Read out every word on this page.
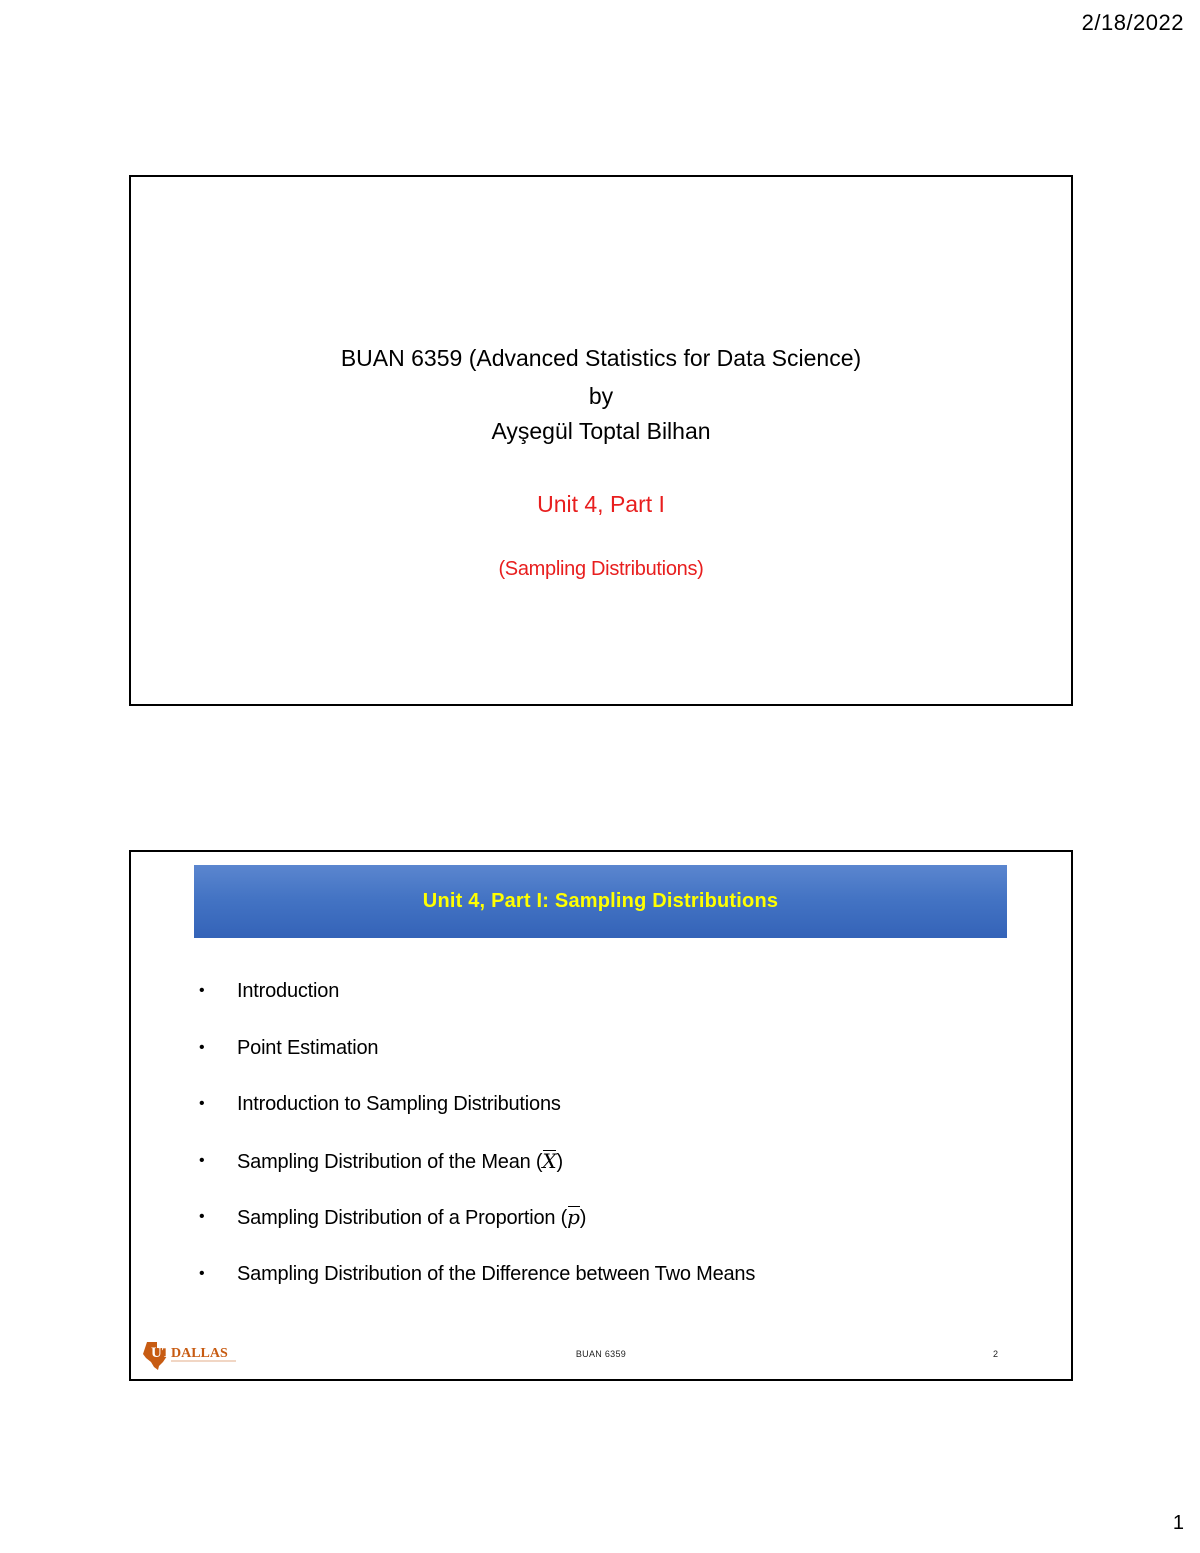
2/18/2022
BUAN 6359 (Advanced Statistics for Data Science)
by
Ayşegül Toptal Bilhan
Unit 4, Part I
(Sampling Distributions)
Unit 4, Part I: Sampling Distributions
•	Introduction
•	Point Estimation
•	Introduction to Sampling Distributions
•	Sampling Distribution of the Mean (X)
•	Sampling Distribution of a Proportion (p)
•	Sampling Distribution of the Difference between Two Means
UT DALLAS	BUAN 6359	2
1
